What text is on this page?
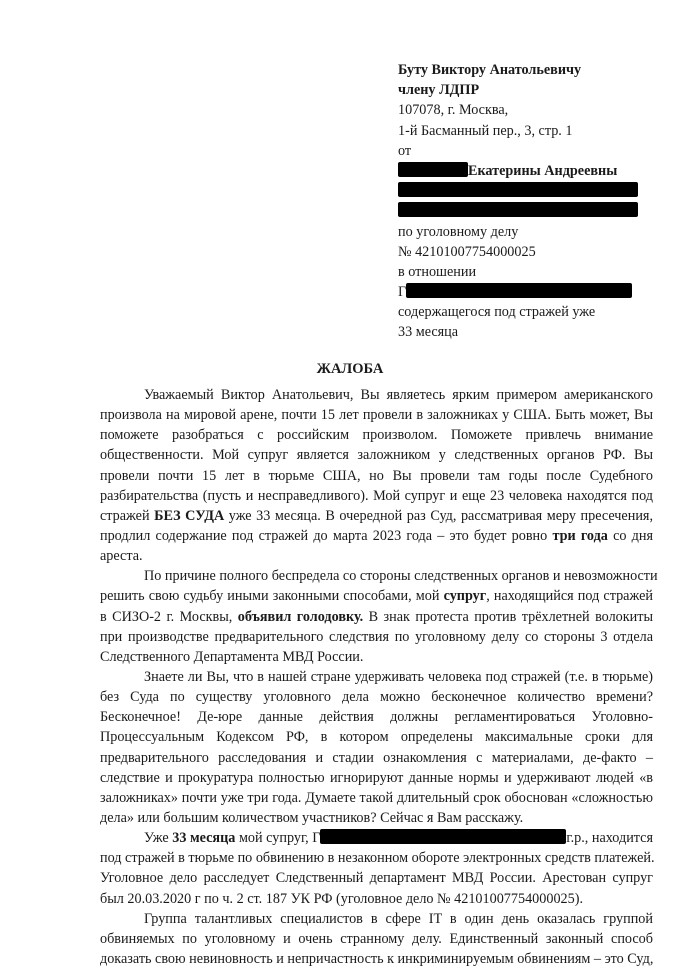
Буту Виктору Анатольевичу
члену ЛДПР
107078, г. Москва,
1-й Басманный пер., 3, стр. 1
от
Екатерины Андреевны
по уголовному делу
№ 42101007754000025
в отношении
Г
содержащегося под стражей уже
33 месяца
ЖАЛОБА
Уважаемый Виктор Анатольевич, Вы являетесь ярким примером американского
произвола на мировой арене, почти 15 лет провели в заложниках у США. Быть может, Вы
поможете разобраться с российским произволом. Поможете привлечь внимание
общественности. Мой супруг является заложником у следственных органов РФ. Вы
провели почти 15 лет в тюрьме США, но Вы провели там годы после Судебного
разбирательства (пусть и несправедливого). Мой супруг и еще 23 человека находятся под
стражей БЕЗ СУДА уже 33 месяца. В очередной раз Суд, рассматривая меру пресечения,
продлил содержание под стражей до марта 2023 года – это будет ровно три года со дня
ареста.
По причине полного беспредела со стороны следственных органов и невозможности
решить свою судьбу иными законными способами, мой супруг, находящийся под стражей
в СИЗО-2 г. Москвы, объявил голодовку. В знак протеста против трёхлетней волокиты
при производстве предварительного следствия по уголовному делу со стороны 3 отдела
Следственного Департамента МВД России.
Знаете ли Вы, что в нашей стране удерживать человека под стражей (т.е. в тюрьме)
без Суда по существу уголовного дела можно бесконечное количество времени?
Бесконечное! Де-юре данные действия должны регламентироваться Уголовно-
Процессуальным Кодексом РФ, в котором определены максимальные сроки для
предварительного расследования и стадии ознакомления с материалами, де-факто –
следствие и прокуратура полностью игнорируют данные нормы и удерживают людей «в
заложниках» почти уже три года. Думаете такой длительный срок обоснован «сложностью
дела» или большим количеством участников? Сейчас я Вам расскажу.
Уже 33 месяца мой супруг, Г	г.р., находится
под стражей в тюрьме по обвинению в незаконном обороте электронных средств платежей.
Уголовное дело расследует Следственный департамент МВД России. Арестован супруг
был 20.03.2020 г по ч. 2 ст. 187 УК РФ (уголовное дело № 42101007754000025).
Группа талантливых специалистов в сфере IT в один день оказалась группой
обвиняемых по уголовному и очень странному делу. Единственный законный способ
доказать свою невиновность и непричастность к инкриминируемым обвинениям – это Суд,
